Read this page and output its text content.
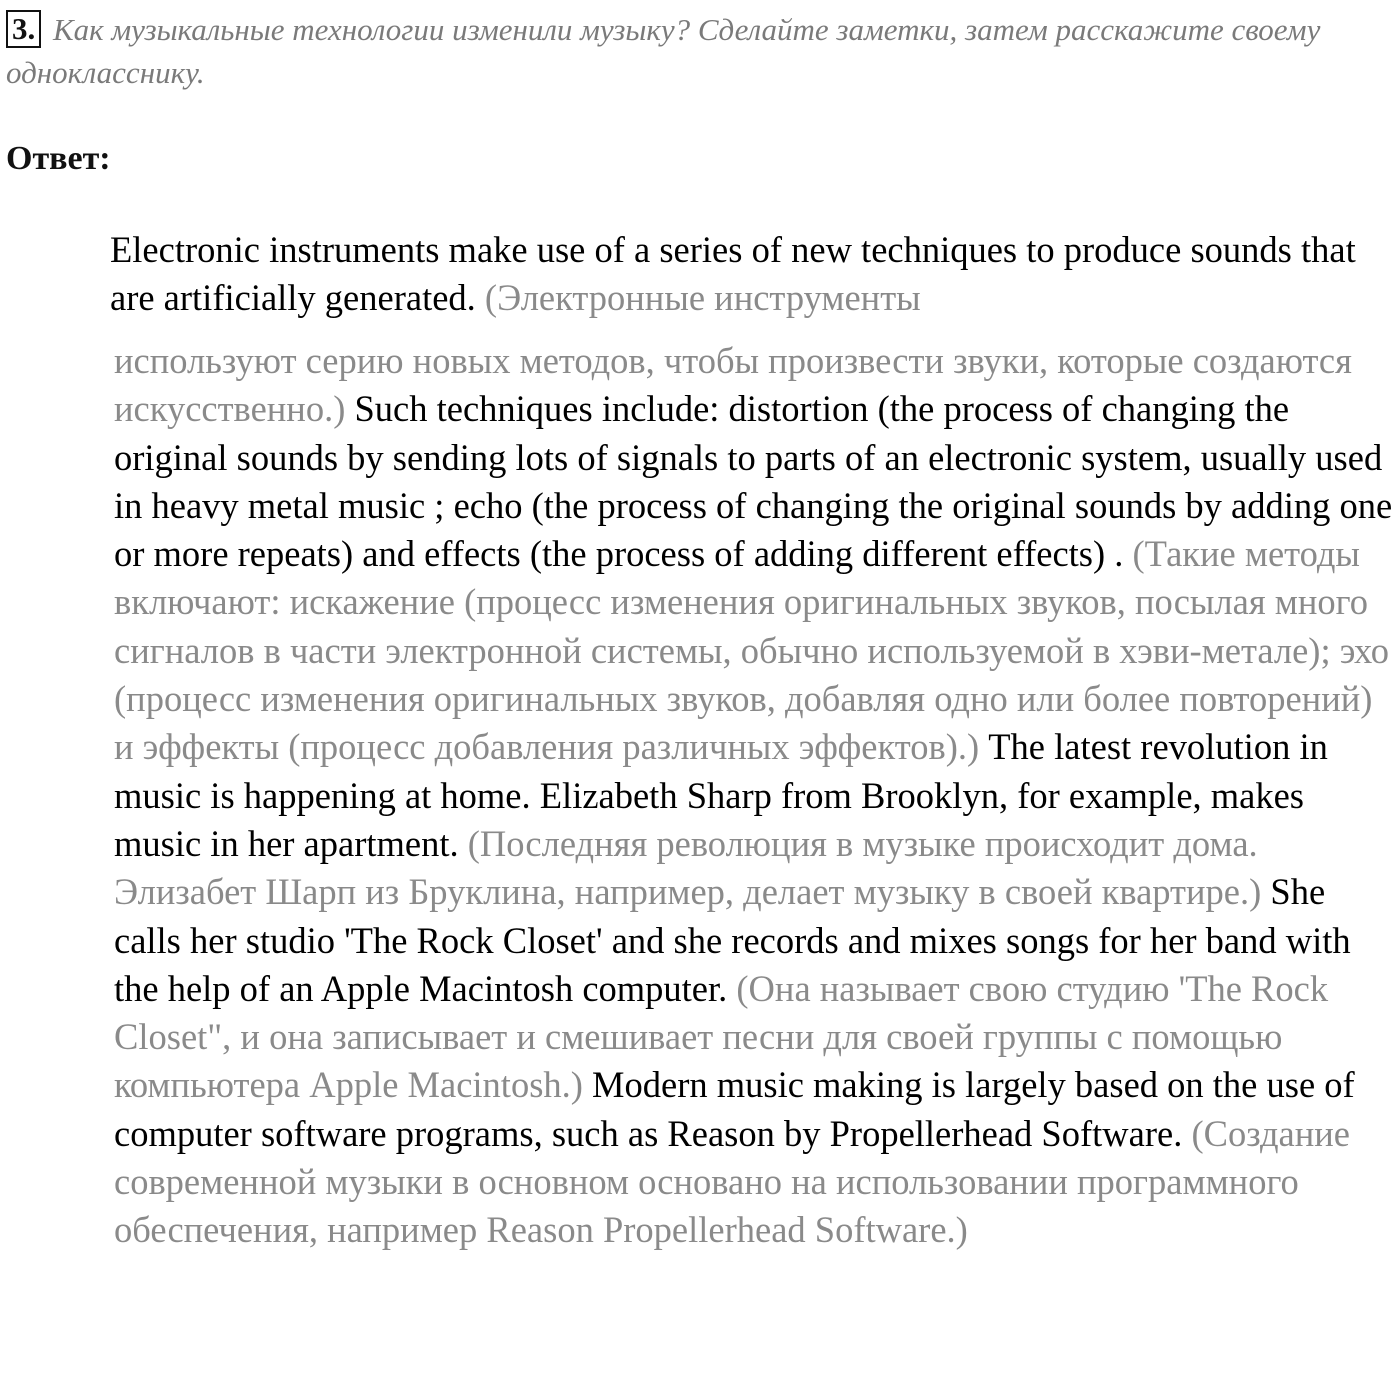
3. Как музыкальные технологии изменили музыку? Сделайте заметки, затем расскажите своему однокласснику.
Ответ:

Electronic instruments make use of a series of new techniques to produce sounds that are artificially generated. (Электронные инструменты

используют серию новых методов, чтобы произвести звуки, которые создаются искусственно.) Such techniques include: distortion (the process of changing the original sounds by sending lots of signals to parts of an electronic system, usually used in heavy metal music ; echo (the process of changing the original sounds by adding one or more repeats) and effects (the process of adding different effects) . (Такие методы включают: искажение (процесс изменения оригинальных звуков, посылая много сигналов в части электронной системы, обычно используемой в хэви-метале); эхо (процесс изменения оригинальных звуков, добавляя одно или более повторений) и эффекты (процесс добавления различных эффектов).) The latest revolution in music is happening at home. Elizabeth Sharp from Brooklyn, for example, makes music in her apartment. (Последняя революция в музыке происходит дома. Элизабет Шарп из Бруклина, например, делает музыку в своей квартире.) She calls her studio 'The Rock Closet' and she records and mixes songs for her band with the help of an Apple Macintosh computer. (Она называет свою студию 'The Rock Closet", и она записывает и смешивает песни для своей группы с помощью компьютера Apple Macintosh.) Modern music making is largely based on the use of computer software programs, such as Reason by Propellerhead Software. (Создание современной музыки в основном основано на использовании программного обеспечения, например Reason Propellerhead Software.)
